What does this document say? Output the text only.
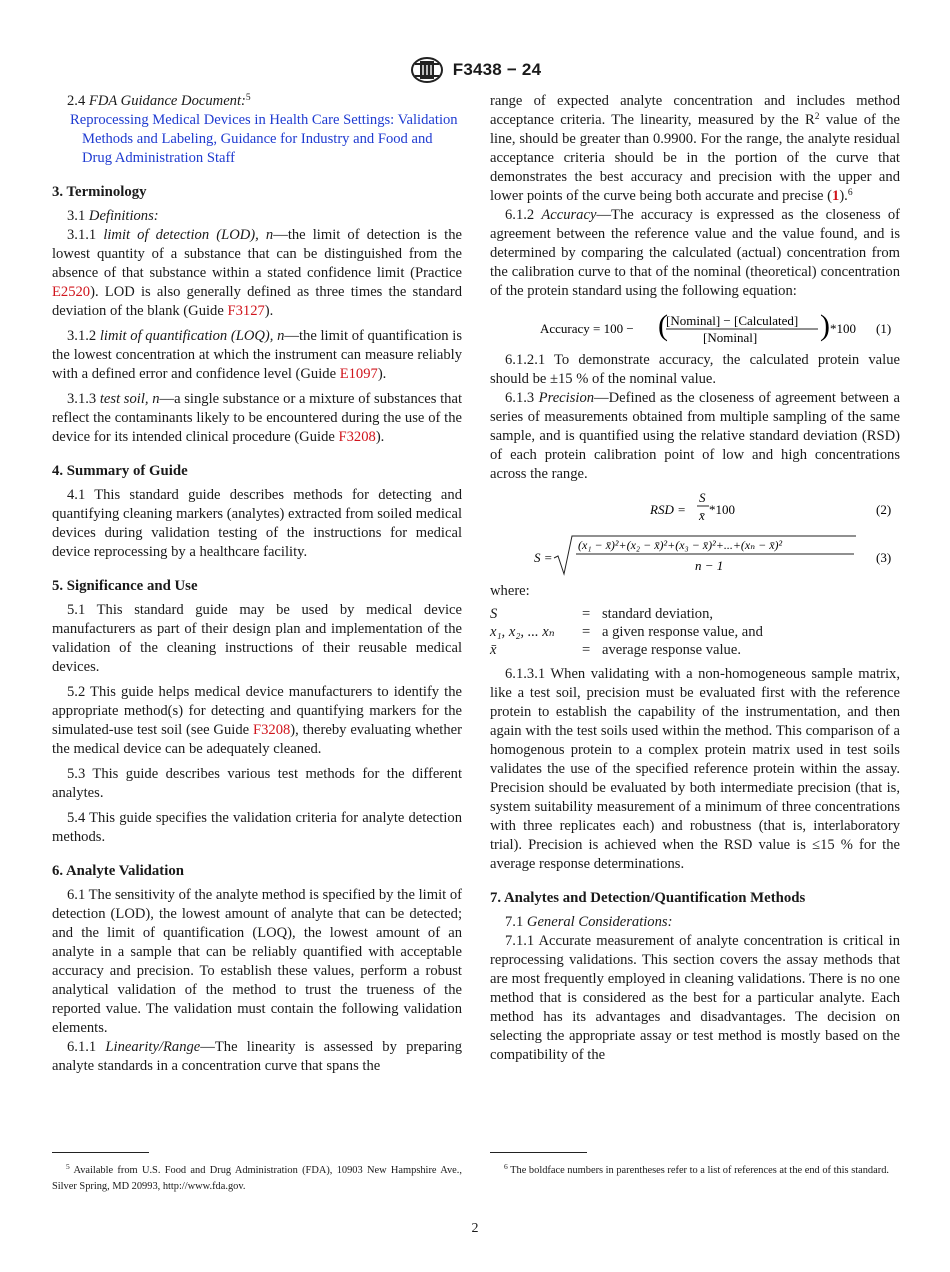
F3438 − 24

2.4 FDA Guidance Document:$^5$

Reprocessing Medical Devices in Health Care Settings: Validation Methods and Labeling, Guidance for Industry and Food and Drug Administration Staff

3. Terminology

3.1 Definitions:

3.1.1 limit of detection (LOD), n—the limit of detection is the lowest quantity of a substance that can be distinguished from the absence of that substance within a stated confidence limit (Practice E2520). LOD is also generally defined as three times the standard deviation of the blank (Guide F3127).

3.1.2 limit of quantification (LOQ), n—the limit of quantification is the lowest concentration at which the instrument can measure reliably with a defined error and confidence level (Guide E1097).

3.1.3 test soil, n—a single substance or a mixture of substances that reflect the contaminants likely to be encountered during the use of the device for its intended clinical procedure (Guide F3208).

4. Summary of Guide

4.1 This standard guide describes methods for detecting and quantifying cleaning markers (analytes) extracted from soiled medical devices during validation testing of the instructions for medical device reprocessing by a healthcare facility.

5. Significance and Use

5.1 This standard guide may be used by medical device manufacturers as part of their design plan and implementation of the validation of the cleaning instructions of their reusable medical devices.

5.2 This guide helps medical device manufacturers to identify the appropriate method(s) for detecting and quantifying markers for the simulated-use test soil (see Guide F3208), thereby evaluating whether the medical device can be adequately cleaned.

5.3 This guide describes various test methods for the different analytes.

5.4 This guide specifies the validation criteria for analyte detection methods.

6. Analyte Validation

6.1 The sensitivity of the analyte method is specified by the limit of detection (LOD), the lowest amount of analyte that can be detected; and the limit of quantification (LOQ), the lowest amount of an analyte in a sample that can be reliably quantified with acceptable accuracy and precision. To establish these values, perform a robust analytical validation of the method to trust the trueness of the reported value. The validation must contain the following validation elements.

6.1.1 Linearity/Range—The linearity is assessed by preparing analyte standards in a concentration curve that spans the

range of expected analyte concentration and includes method acceptance criteria. The linearity, measured by the $R^2$ value of the line, should be greater than 0.9900. For the range, the analyte residual acceptance criteria should be in the portion of the curve that demonstrates the best accuracy and precision with the upper and lower points of the curve being both accurate and precise (1).$^6$

6.1.2 Accuracy—The accuracy is expressed as the closeness of agreement between the reference value and the value found, and is determined by comparing the calculated (actual) concentration from the calibration curve to that of the nominal (theoretical) concentration of the protein standard using the following equation:

Accuracy = 100 − (
[Nominal] − [Calculated]
[Nominal] ) *100 (1)

6.1.2.1 To demonstrate accuracy, the calculated protein value should be ±15 % of the nominal value.

6.1.3 Precision—Defined as the closeness of agreement between a series of measurements obtained from multiple sampling of the same sample, and is quantified using the relative standard deviation (RSD) of each protein calibration point of low and high concentrations across the range.

RSD =
S
x̄ *100	(2)
S =
(x₁ − x̄)²+(x₂ − x̄)²+(x₃ − x̄)²+...+(xₙ − x̄)²
n − 1
(3)

where:

S	= standard deviation,
x₁, x₂, ... xₙ	= a given response value, and
x̄	= average response value.

6.1.3.1 When validating with a non-homogeneous sample matrix, like a test soil, precision must be evaluated first with the reference protein to establish the capability of the instrumentation, and then again with the test soils used within the method. This comparison of a homogenous protein to a complex protein matrix used in test soils validates the use of the specified reference protein within the assay. Precision should be evaluated by both intermediate precision (that is, system suitability measurement of a minimum of three concentrations with three replicates each) and robustness (that is, interlaboratory trial). Precision is achieved when the RSD value is ≤15 % for the average response determinations.

7. Analytes and Detection/Quantification Methods

7.1 General Considerations:

7.1.1 Accurate measurement of analyte concentration is critical in reprocessing validations. This section covers the assay methods that are most frequently employed in cleaning validations. There is no one method that is considered as the best for a particular analyte. Each method has its advantages and disadvantages. The decision on selecting the appropriate assay or test method is mostly based on the compatibility of the

$^5$ Available from U.S. Food and Drug Administration (FDA), 10903 New Hampshire Ave., Silver Spring, MD 20993, http://www.fda.gov.
$^6$ The boldface numbers in parentheses refer to a list of references at the end of this standard.
2
